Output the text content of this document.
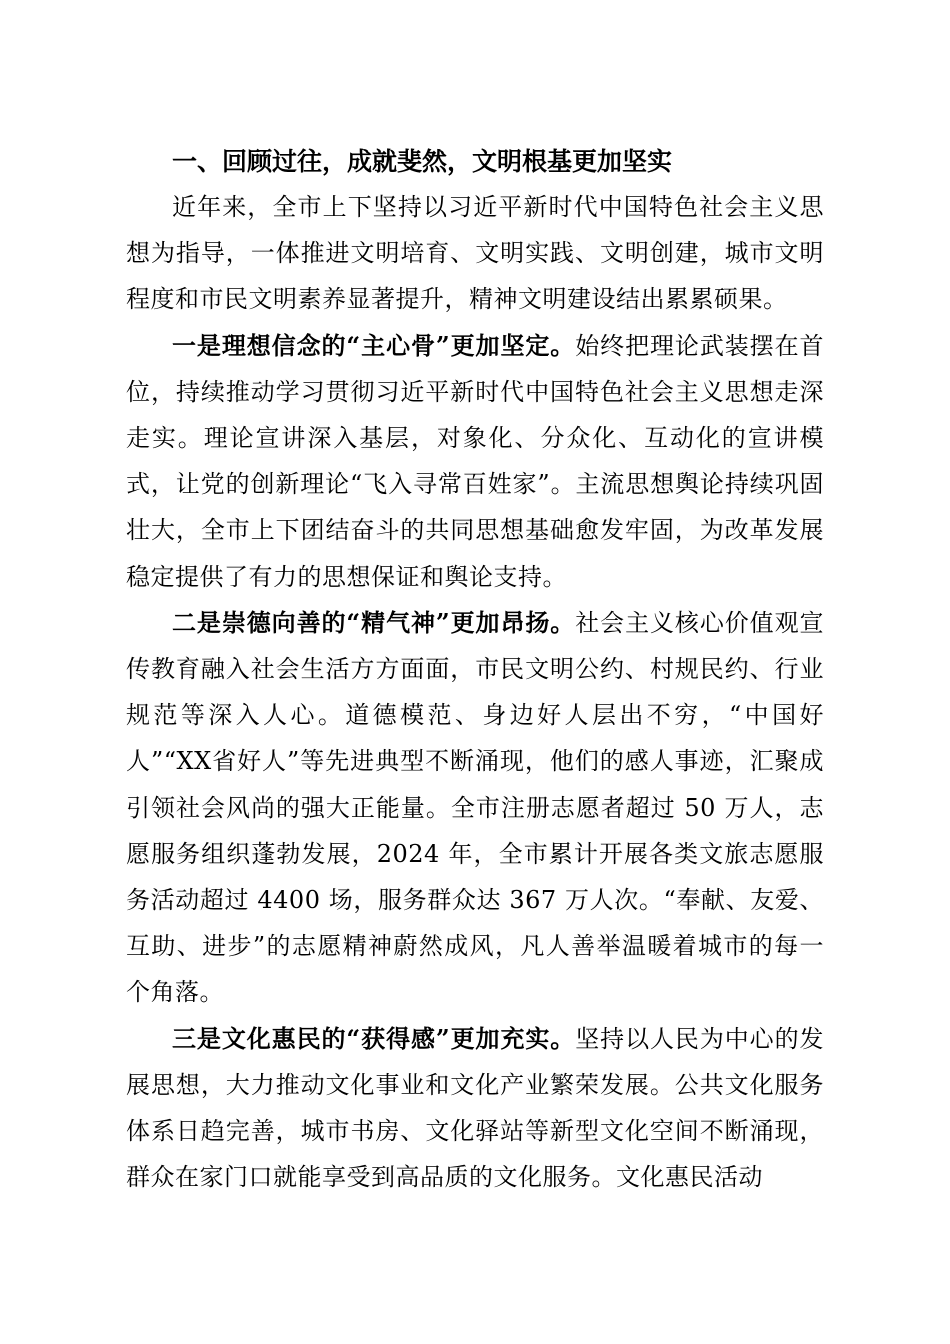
一、回顾过往，成就斐然，文明根基更加坚实

近年来，全市上下坚持以习近平新时代中国特色社会主义思想为指导，一体推进文明培育、文明实践、文明创建，城市文明程度和市民文明素养显著提升，精神文明建设结出累累硕果。

一是理想信念的“主心骨”更加坚定。始终把理论武装摆在首位，持续推动学习贯彻习近平新时代中国特色社会主义思想走深走实。理论宣讲深入基层，对象化、分众化、互动化的宣讲模式，让党的创新理论“飞入寻常百姓家”。主流思想舆论持续巩固壮大，全市上下团结奋斗的共同思想基础愈发牢固，为改革发展稳定提供了有力的思想保证和舆论支持。

二是崇德向善的“精气神”更加昂扬。社会主义核心价值观宣传教育融入社会生活方方面面，市民文明公约、村规民约、行业规范等深入人心。道德模范、身边好人层出不穷，“中国好人”“XX省好人”等先进典型不断涌现，他们的感人事迹，汇聚成引领社会风尚的强大正能量。全市注册志愿者超过 50 万人，志愿服务组织蓬勃发展，2024 年，全市累计开展各类文旅志愿服务活动超过 4400 场，服务群众达 367 万人次。“奉献、友爱、互助、进步”的志愿精神蔚然成风，凡人善举温暖着城市的每一个角落。

三是文化惠民的“获得感”更加充实。坚持以人民为中心的发展思想，大力推动文化事业和文化产业繁荣发展。公共文化服务体系日趋完善，城市书房、文化驿站等新型文化空间不断涌现，群众在家门口就能享受到高品质的文化服务。文化惠民活动
